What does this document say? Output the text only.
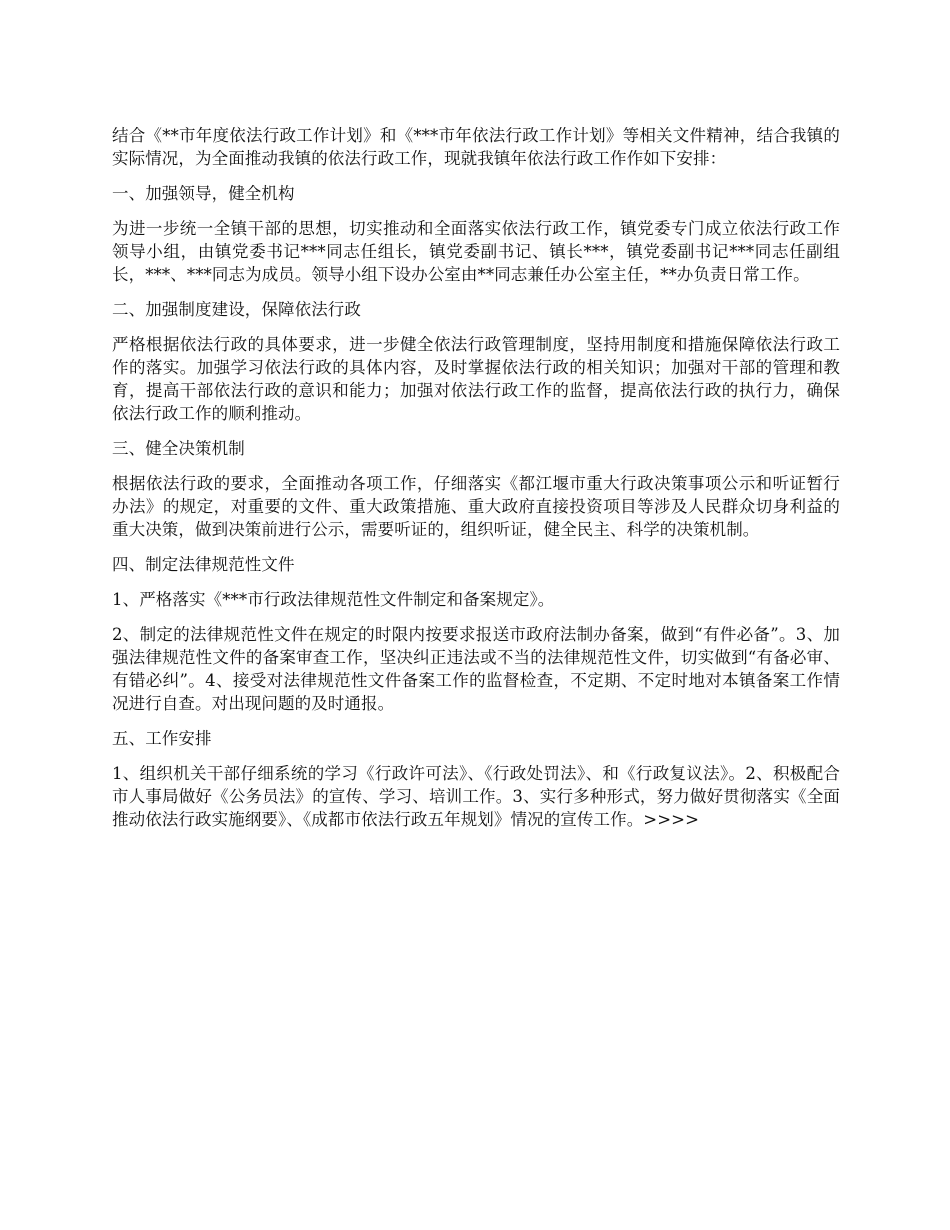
结合《**市年度依法行政工作计划》和《***市年依法行政工作计划》等相关文件精神，结合我镇的实际情况，为全面推动我镇的依法行政工作，现就我镇年依法行政工作作如下安排：

一、加强领导，健全机构

为进一步统一全镇干部的思想，切实推动和全面落实依法行政工作，镇党委专门成立依法行政工作领导小组，由镇党委书记***同志任组长，镇党委副书记、镇长***，镇党委副书记***同志任副组长，***、***同志为成员。领导小组下设办公室由**同志兼任办公室主任，**办负责日常工作。

二、加强制度建设，保障依法行政

严格根据依法行政的具体要求，进一步健全依法行政管理制度，坚持用制度和措施保障依法行政工作的落实。加强学习依法行政的具体内容，及时掌握依法行政的相关知识；加强对干部的管理和教育，提高干部依法行政的意识和能力；加强对依法行政工作的监督，提高依法行政的执行力，确保依法行政工作的顺利推动。

三、健全决策机制

根据依法行政的要求，全面推动各项工作，仔细落实《都江堰市重大行政决策事项公示和听证暂行办法》的规定，对重要的文件、重大政策措施、重大政府直接投资项目等涉及人民群众切身利益的重大决策，做到决策前进行公示，需要听证的，组织听证，健全民主、科学的决策机制。

四、制定法律规范性文件

1、严格落实《***市行政法律规范性文件制定和备案规定》。

2、制定的法律规范性文件在规定的时限内按要求报送市政府法制办备案，做到“有件必备”。3、加强法律规范性文件的备案审查工作，坚决纠正违法或不当的法律规范性文件，切实做到“有备必审、有错必纠”。4、接受对法律规范性文件备案工作的监督检查，不定期、不定时地对本镇备案工作情况进行自查。对出现问题的及时通报。

五、工作安排

1、组织机关干部仔细系统的学习《行政许可法》、《行政处罚法》、和《行政复议法》。2、积极配合市人事局做好《公务员法》的宣传、学习、培训工作。3、实行多种形式，努力做好贯彻落实《全面推动依法行政实施纲要》、《成都市依法行政五年规划》情况的宣传工作。>>>>
